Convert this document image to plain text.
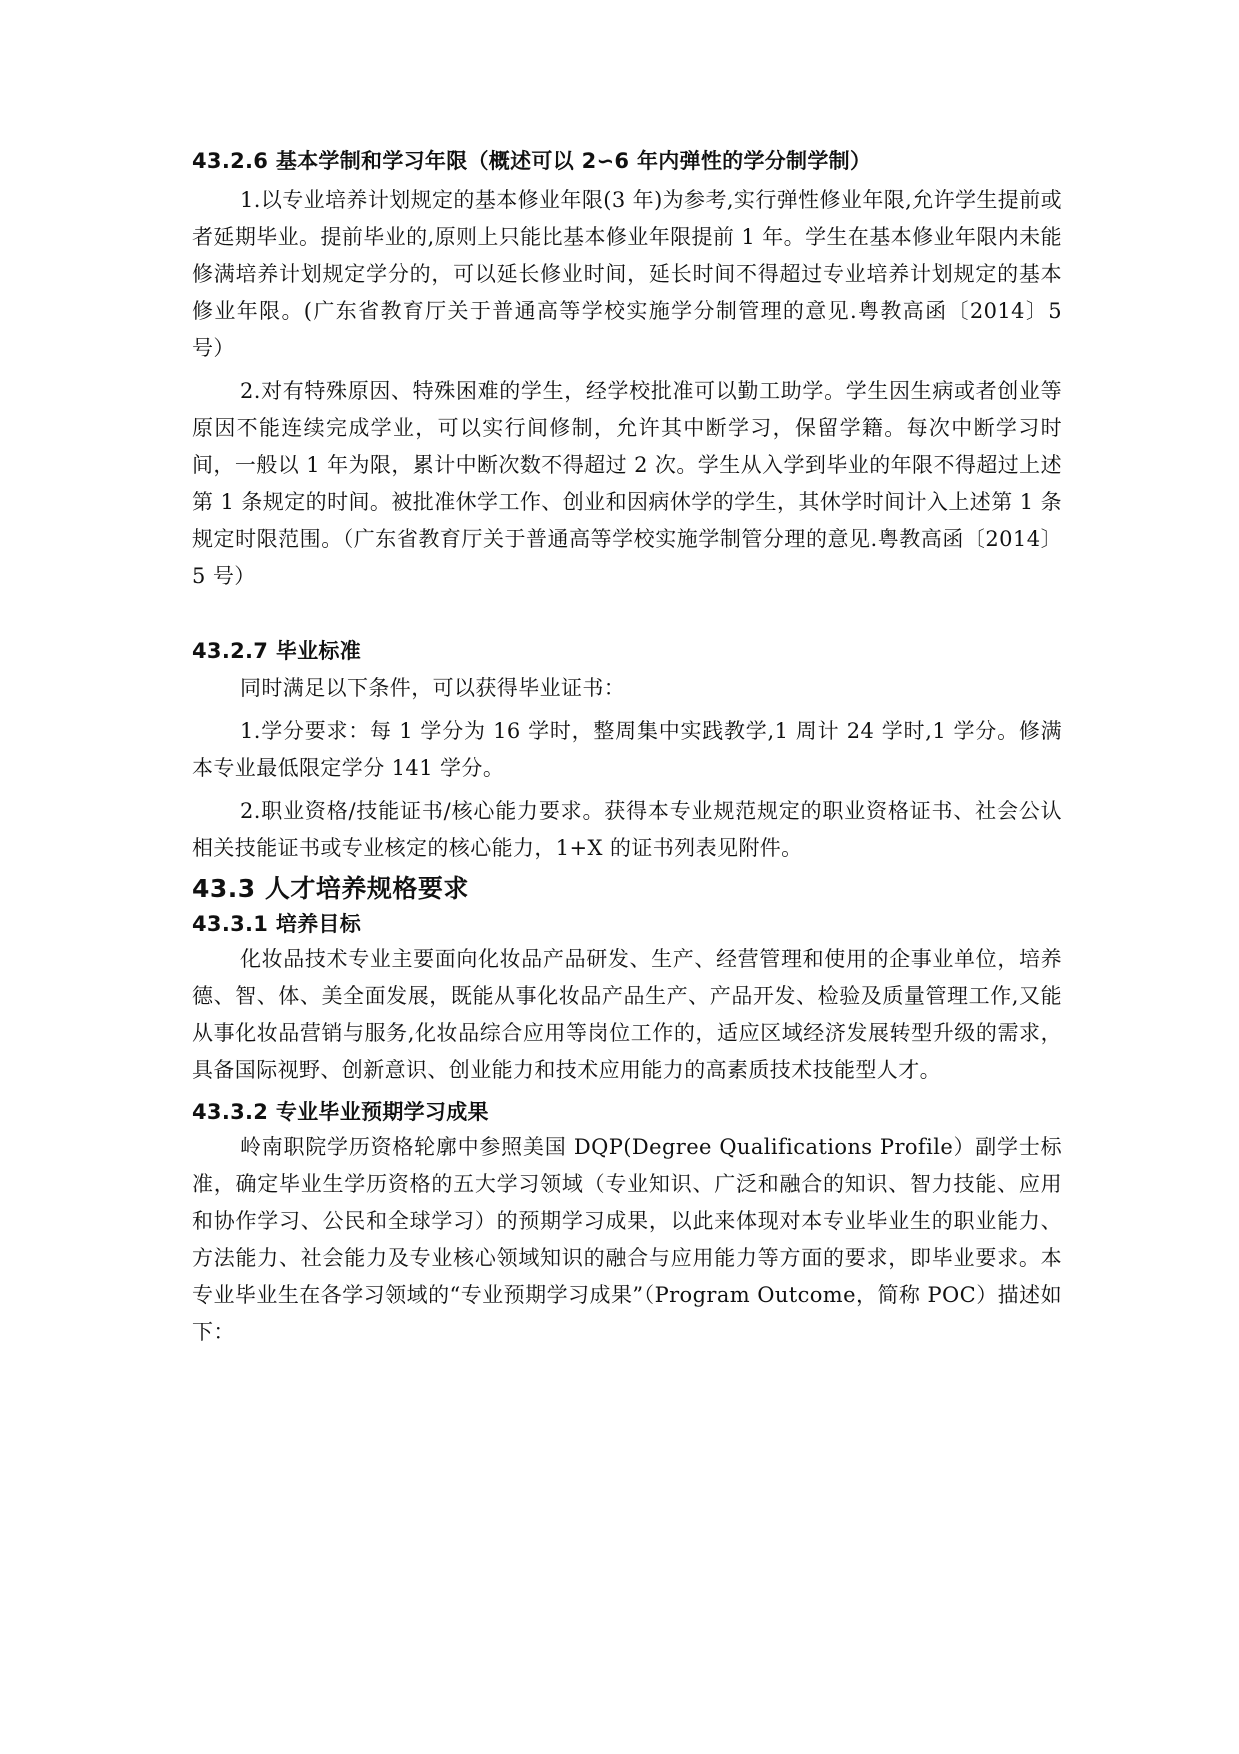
43.2.6 基本学制和学习年限（概述可以 2∽6 年内弹性的学分制学制）

1.以专业培养计划规定的基本修业年限(3 年)为参考,实行弹性修业年限,允许学生提前或者延期毕业。提前毕业的,原则上只能比基本修业年限提前 1 年。学生在基本修业年限内未能修满培养计划规定学分的，可以延长修业时间，延长时间不得超过专业培养计划规定的基本修业年限。(广东省教育厅关于普通高等学校实施学分制管理的意见.粤教高函〔2014〕5 号）

2.对有特殊原因、特殊困难的学生，经学校批准可以勤工助学。学生因生病或者创业等原因不能连续完成学业，可以实行间修制，允许其中断学习，保留学籍。每次中断学习时间，一般以 1 年为限，累计中断次数不得超过 2 次。学生从入学到毕业的年限不得超过上述第 1 条规定的时间。被批准休学工作、创业和因病休学的学生，其休学时间计入上述第 1 条规定时限范围。（广东省教育厅关于普通高等学校实施学制管分理的意见.粤教高函〔2014〕5 号）

43.2.7 毕业标准

同时满足以下条件，可以获得毕业证书：

1.学分要求：每 1 学分为 16 学时，整周集中实践教学,1 周计 24 学时,1 学分。修满本专业最低限定学分 141 学分。

2.职业资格/技能证书/核心能力要求。获得本专业规范规定的职业资格证书、社会公认相关技能证书或专业核定的核心能力，1+X 的证书列表见附件。

43.3 人才培养规格要求
43.3.1 培养目标

化妆品技术专业主要面向化妆品产品研发、生产、经营管理和使用的企事业单位，培养德、智、体、美全面发展，既能从事化妆品产品生产、产品开发、检验及质量管理工作,又能从事化妆品营销与服务,化妆品综合应用等岗位工作的，适应区域经济发展转型升级的需求，具备国际视野、创新意识、创业能力和技术应用能力的高素质技术技能型人才。

43.3.2 专业毕业预期学习成果

岭南职院学历资格轮廓中参照美国 DQP(Degree Qualifications Profile）副学士标准，确定毕业生学历资格的五大学习领域（专业知识、广泛和融合的知识、智力技能、应用和协作学习、公民和全球学习）的预期学习成果，以此来体现对本专业毕业生的职业能力、方法能力、社会能力及专业核心领域知识的融合与应用能力等方面的要求，即毕业要求。本专业毕业生在各学习领域的“专业预期学习成果”（Program Outcome，简称 POC）描述如下：
